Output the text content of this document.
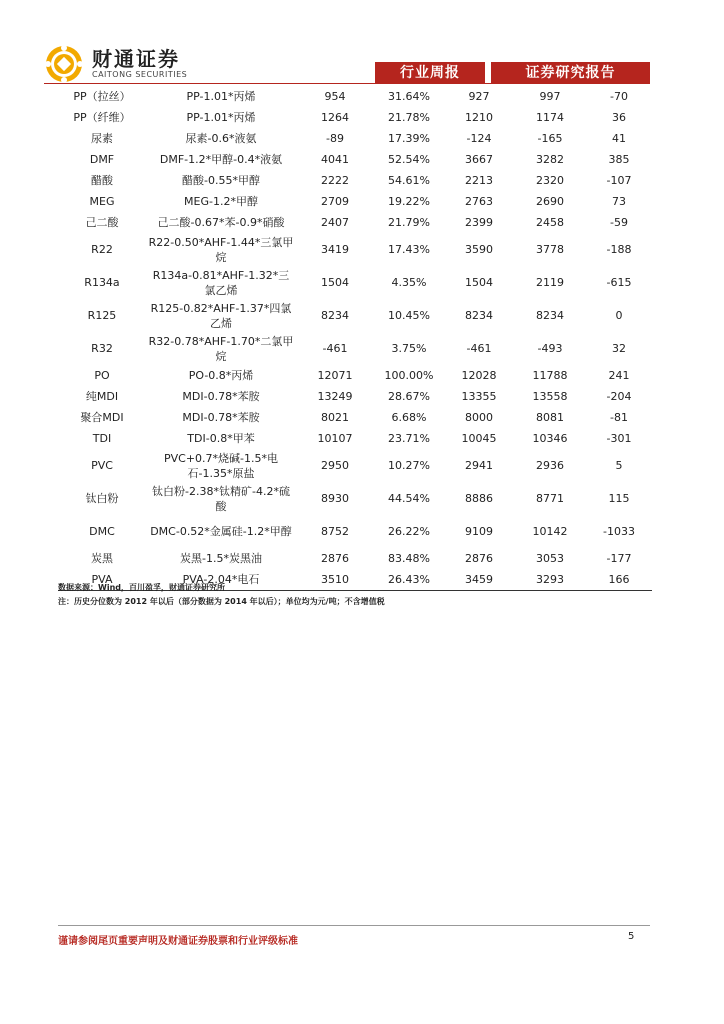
财通证券
CAITONG SECURITIES	行业周报	证券研究报告
PP（拉丝）	PP-1.01*丙烯	954	31.64%	927	997	-70
PP（纤维）	PP-1.01*丙烯	1264	21.78%	1210	1174	36
尿素	尿素-0.6*液氨	-89	17.39%	-124	-165	41
DMF	DMF-1.2*甲醇-0.4*液氨	4041	52.54%	3667	3282	385
醋酸	醋酸-0.55*甲醇	2222	54.61%	2213	2320	-107
MEG	MEG-1.2*甲醇	2709	19.22%	2763	2690	73
己二酸	己二酸-0.67*苯-0.9*硝酸	2407	21.79%	2399	2458	-59
R22	R22-0.50*AHF-1.44*三氯甲烷	3419	17.43%	3590	3778	-188
R134a	R134a-0.81*AHF-1.32*三氯乙烯	1504	4.35%	1504	2119	-615
R125	R125-0.82*AHF-1.37*四氯乙烯	8234	10.45%	8234	8234	0
R32	R32-0.78*AHF-1.70*二氯甲烷	-461	3.75%	-461	-493	32
PO	PO-0.8*丙烯	12071	100.00%	12028	11788	241
纯MDI	MDI-0.78*苯胺	13249	28.67%	13355	13558	-204
聚合MDI	MDI-0.78*苯胺	8021	6.68%	8000	8081	-81
TDI	TDI-0.8*甲苯	10107	23.71%	10045	10346	-301
PVC	PVC+0.7*烧碱-1.5*电石-1.35*原盐	2950	10.27%	2941	2936	5
钛白粉	钛白粉-2.38*钛精矿-4.2*硫酸	8930	44.54%	8886	8771	115
DMC	DMC-0.52*金属硅-1.2*甲醇	8752	26.22%	9109	10142	-1033
炭黑	炭黑-1.5*炭黑油	2876	83.48%	2876	3053	-177
PVA	PVA-2.04*电石	3510	26.43%	3459	3293	166
数据来源：Wind，百川盈孚，财通证券研究所
注：历史分位数为 2012 年以后（部分数据为 2014 年以后）；单位均为元/吨；不含增值税
谨请参阅尾页重要声明及财通证券股票和行业评级标准	5
